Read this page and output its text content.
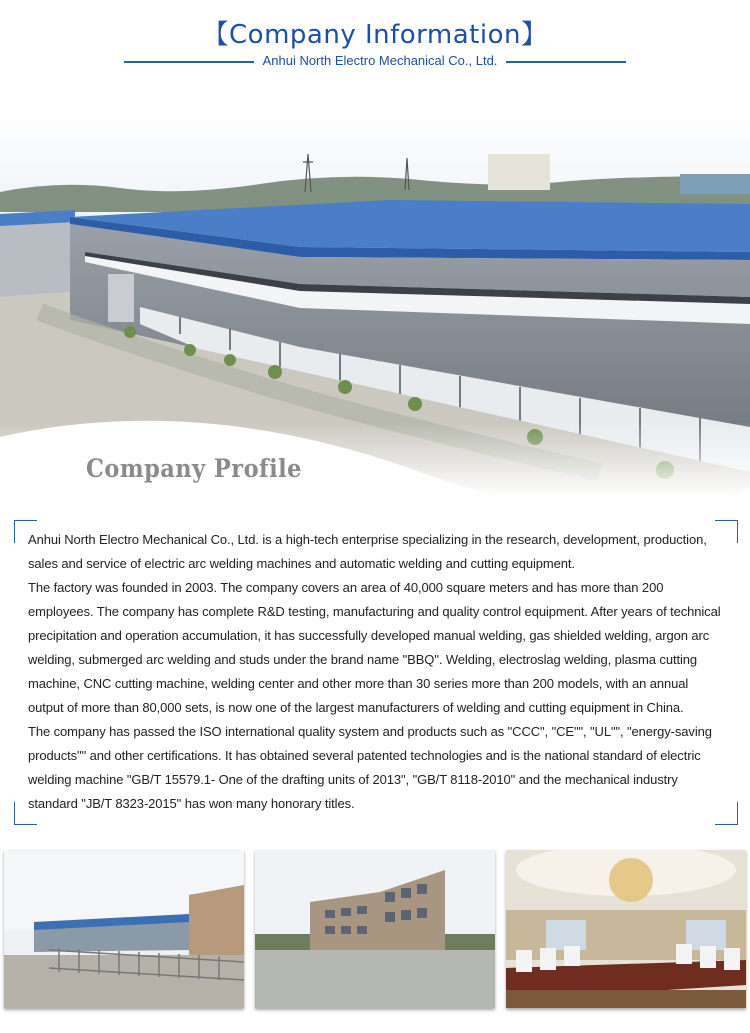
【Company Information】
Anhui North Electro Mechanical Co., Ltd.
Company Profile

Anhui North Electro Mechanical Co., Ltd. is a high-tech enterprise specializing in the research, development, production, sales and service of electric arc welding machines and automatic welding and cutting equipment.

The factory was founded in 2003. The company covers an area of 40,000 square meters and has more than 200 employees. The company has complete R&D testing, manufacturing and quality control equipment. After years of technical precipitation and operation accumulation, it has successfully developed manual welding, gas shielded welding, argon arc welding, submerged arc welding and studs under the brand name "BBQ". Welding, electroslag welding, plasma cutting machine, CNC cutting machine, welding center and other more than 30 series more than 200 models, with an annual output of more than 80,000 sets, is now one of the largest manufacturers of welding and cutting equipment in China.

The company has passed the ISO international quality system and products such as "CCC", "CE"", "UL"", "energy-saving products"" and other certifications. It has obtained several patented technologies and is the national standard of electric welding machine "GB/T 15579.1- One of the drafting units of 2013", "GB/T 8118-2010" and the mechanical industry standard "JB/T 8323-2015" has won many honorary titles.
